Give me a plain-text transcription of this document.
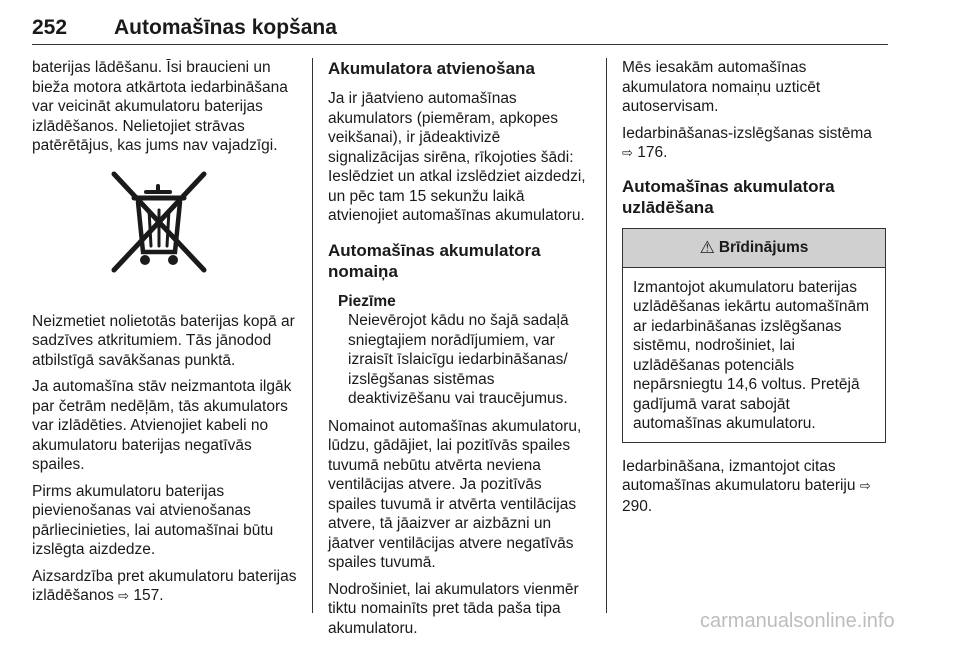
252 Automašīnas kopšana

baterijas lādēšanu. Īsi braucieni un bieža motora atkārtota iedarbināšana var veicināt akumulatoru baterijas izlādēšanos. Nelietojiet strāvas patērētājus, kas jums nav vajadzīgi.

Neizmetiet nolietotās baterijas kopā ar sadzīves atkritumiem. Tās jānodod atbilstīgā savākšanas punktā.

Ja automašīna stāv neizmantota ilgāk par četrām nedēļām, tās akumulators var izlādēties. Atvienojiet kabeli no akumulatoru baterijas negatīvās spailes.

Pirms akumulatoru baterijas pievienošanas vai atvienošanas pārliecinieties, lai automašīnai būtu izslēgta aizdedze.

Aizsardzība pret akumulatoru baterijas izlādēšanos ⇨ 157.

Akumulatora atvienošana

Ja ir jāatvieno automašīnas akumulators (piemēram, apkopes veikšanai), ir jādeaktivizē signalizācijas sirēna, rīkojoties šādi: Ieslēdziet un atkal izslēdziet aizdedzi, un pēc tam 15 sekunžu laikā atvienojiet automašīnas akumulatoru.

Automašīnas akumulatora nomaiņa
Piezīme
Neievērojot kādu no šajā sadaļā sniegtajiem norādījumiem, var izraisīt īslaicīgu iedarbināšanas/ izslēgšanas sistēmas deaktivizēšanu vai traucējumus.

Nomainot automašīnas akumulatoru, lūdzu, gādājiet, lai pozitīvās spailes tuvumā nebūtu atvērta neviena ventilācijas atvere. Ja pozitīvās spailes tuvumā ir atvērta ventilācijas atvere, tā jāaizver ar aizbāzni un jāatver ventilācijas atvere negatīvās spailes tuvumā.

Nodrošiniet, lai akumulators vienmēr tiktu nomainīts pret tāda paša tipa akumulatoru.

Mēs iesakām automašīnas akumulatora nomaiņu uzticēt autoservisam.

Iedarbināšanas-izslēgšanas sistēma
⇨ 176.

Automašīnas akumulatora uzlādēšana
⚠ Brīdinājums
Izmantojot akumulatoru baterijas uzlādēšanas iekārtu automašīnām ar iedarbināšanas izslēgšanas sistēmu, nodrošiniet, lai uzlādēšanas potenciāls nepārsniegtu 14,6 voltus. Pretējā gadījumā varat sabojāt automašīnas akumulatoru.

Iedarbināšana, izmantojot citas automašīnas akumulatoru bateriju ⇨ 290.

carmanualsonline.info
